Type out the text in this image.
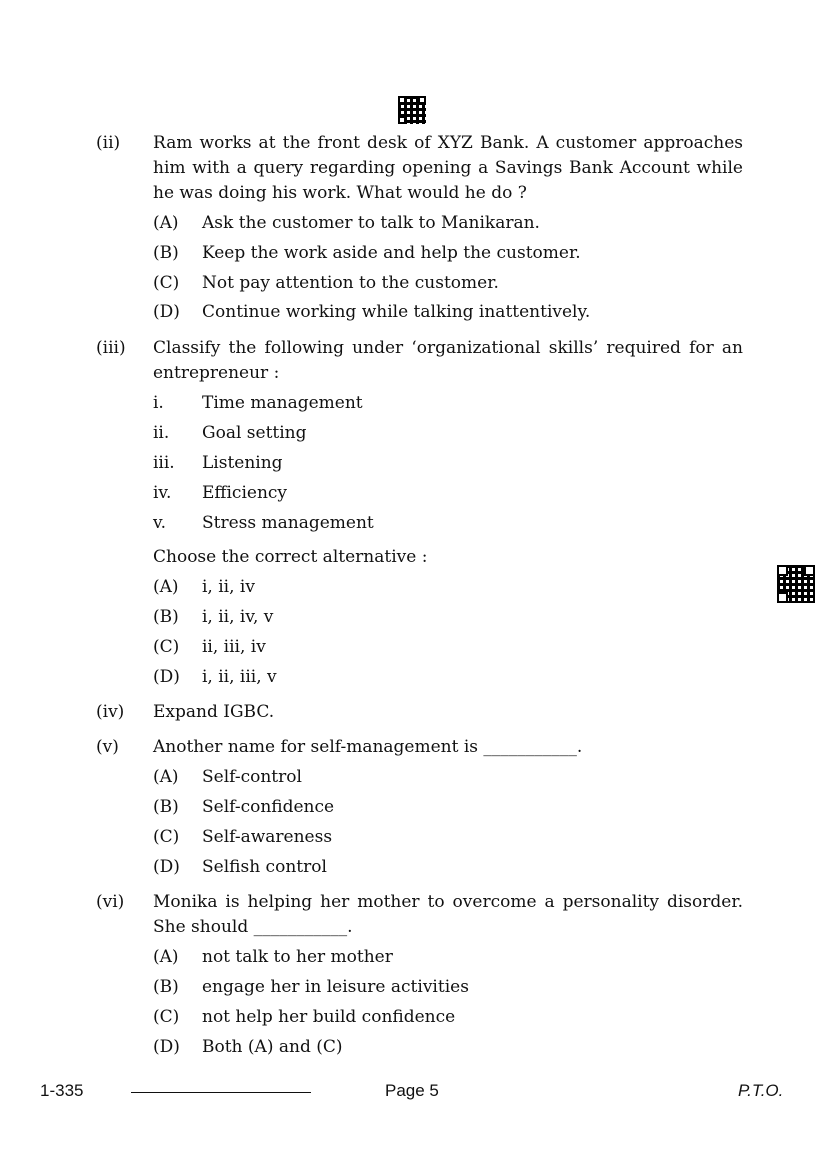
(ii) Ram works at the front desk of XYZ Bank. A customer approaches him with a query regarding opening a Savings Bank Account while he was doing his work. What would he do ?
(A) Ask the customer to talk to Manikaran.
(B) Keep the work aside and help the customer.
(C) Not pay attention to the customer.
(D) Continue working while talking inattentively.
(iii) Classify the following under ‘organizational skills’ required for an entrepreneur :
i. Time management
ii. Goal setting
iii. Listening
iv. Efficiency
v. Stress management
Choose the correct alternative :
(A) i, ii, iv
(B) i, ii, iv, v
(C) ii, iii, iv
(D) i, ii, iii, v
(iv) Expand IGBC.
(v) Another name for self-management is ___________.
(A) Self-control
(B) Self-confidence
(C) Self-awareness
(D) Selfish control
(vi) Monika is helping her mother to overcome a personality disorder. She should ___________.
(A) not talk to her mother
(B) engage her in leisure activities
(C) not help her build confidence
(D) Both (A) and (C)
1-335	Page 5	P.T.O.
